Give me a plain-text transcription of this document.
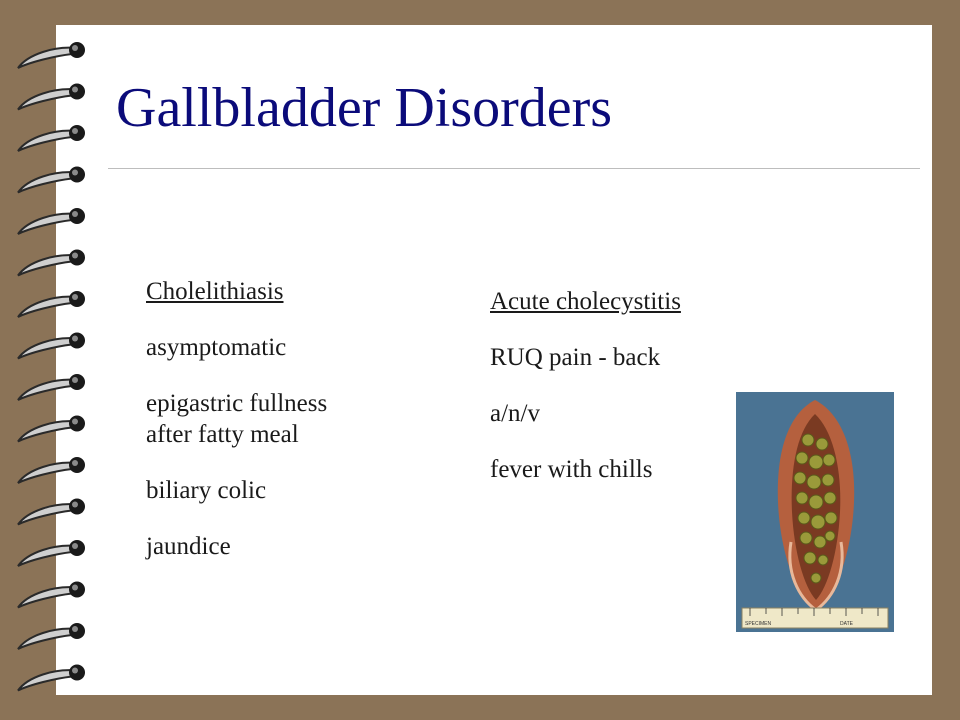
Gallbladder Disorders
Cholelithiasis
asymptomatic
epigastric fullness after fatty meal
biliary colic
jaundice
Acute cholecystitis
RUQ pain - back
a/n/v
fever with chills
SPECIMEN	DATE
